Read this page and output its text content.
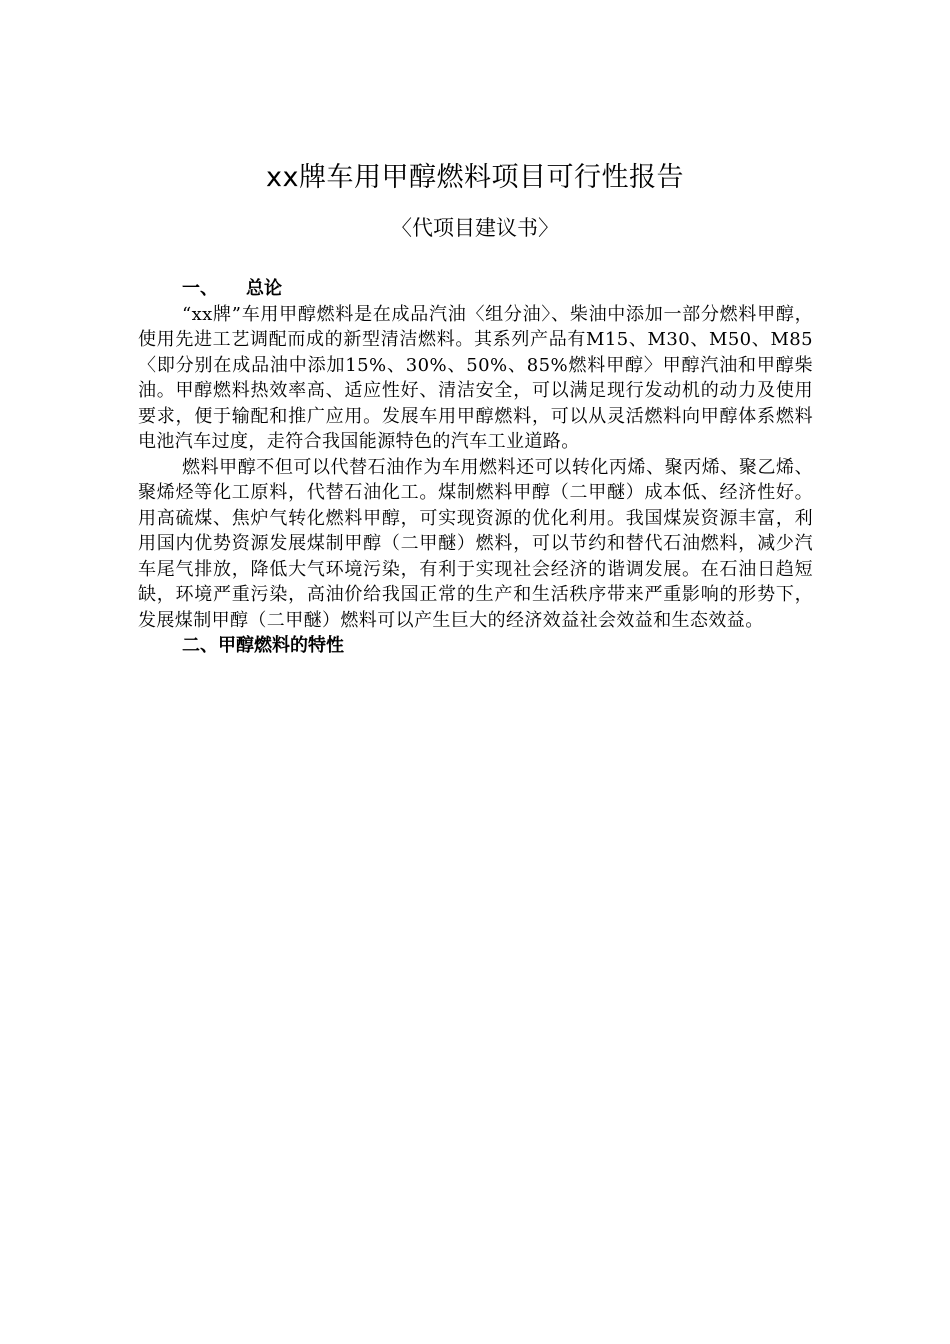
xx牌车用甲醇燃料项目可行性报告
〈代项目建议书〉

一、 总论

“xx牌”车用甲醇燃料是在成品汽油〈组分油〉、柴油中添加一部分燃料甲醇，使用先进工艺调配而成的新型清洁燃料。其系列产品有M15、M30、M50、M85〈即分别在成品油中添加15%、30%、50%、85%燃料甲醇〉甲醇汽油和甲醇柴油。甲醇燃料热效率高、适应性好、清洁安全，可以满足现行发动机的动力及使用要求，便于输配和推广应用。发展车用甲醇燃料，可以从灵活燃料向甲醇体系燃料电池汽车过度，走符合我国能源特色的汽车工业道路。

燃料甲醇不但可以代替石油作为车用燃料还可以转化丙烯、聚丙烯、聚乙烯、聚烯烃等化工原料，代替石油化工。煤制燃料甲醇（二甲醚）成本低、经济性好。用高硫煤、焦炉气转化燃料甲醇，可实现资源的优化利用。我国煤炭资源丰富，利用国内优势资源发展煤制甲醇（二甲醚）燃料，可以节约和替代石油燃料，减少汽车尾气排放，降低大气环境污染，有利于实现社会经济的谐调发展。在石油日趋短缺，环境严重污染，高油价给我国正常的生产和生活秩序带来严重影响的形势下，发展煤制甲醇（二甲醚）燃料可以产生巨大的经济效益社会效益和生态效益。

二、甲醇燃料的特性
